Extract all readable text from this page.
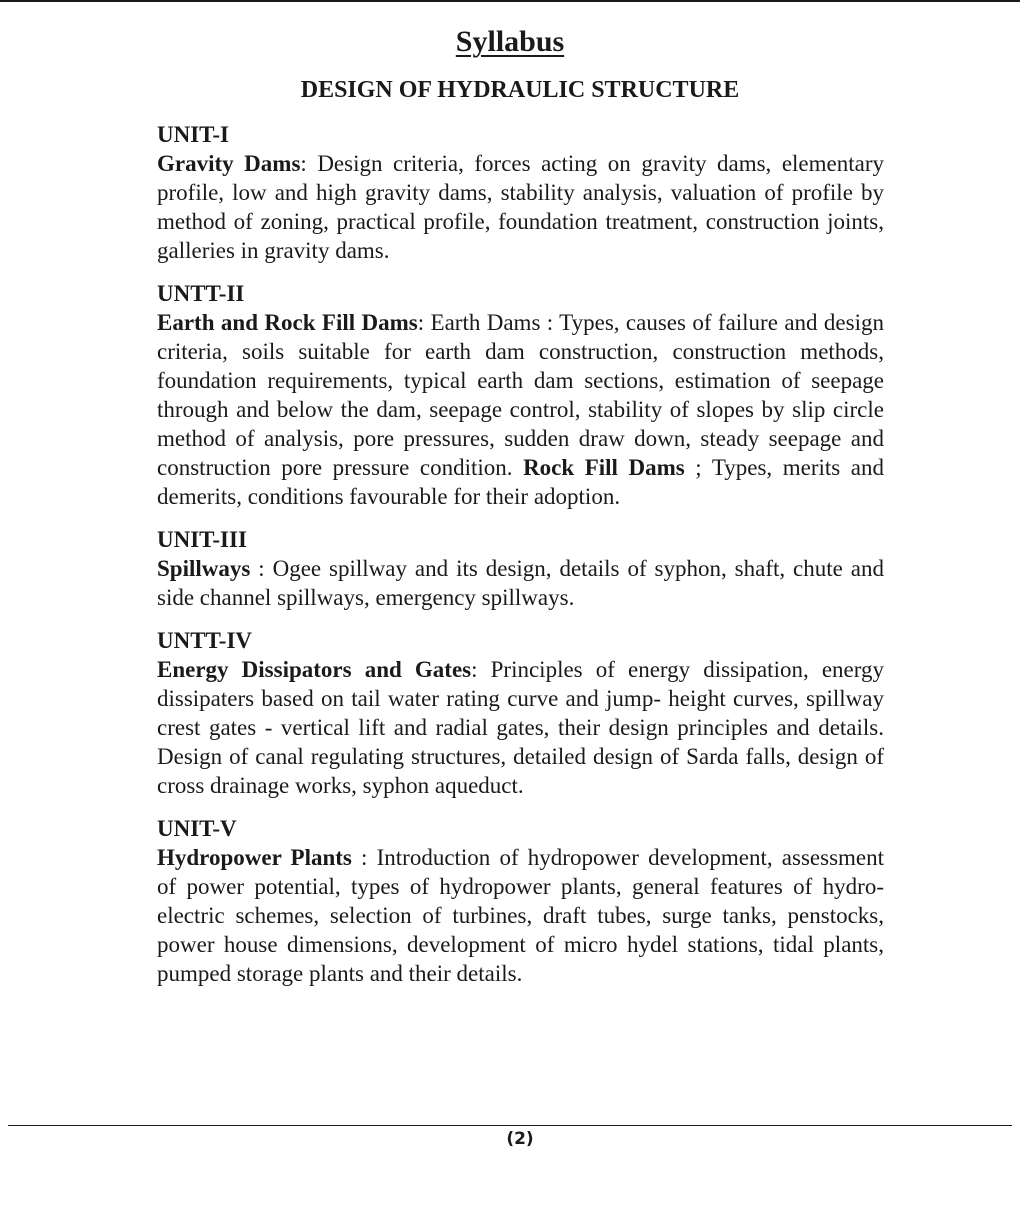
Syllabus
DESIGN OF HYDRAULIC STRUCTURE

UNIT-I

Gravity Dams: Design criteria, forces acting on gravity dams, elementary profile, low and high gravity dams, stability analysis, valuation of profile by method of zoning, practical profile, foundation treatment, construction joints, galleries in gravity dams.

UNTT-II

Earth and Rock Fill Dams: Earth Dams : Types, causes of failure and design criteria, soils suitable for earth dam construction, construction methods, foundation requirements, typical earth dam sections, estimation of seepage through and below the dam, seepage control, stability of slopes by slip circle method of analysis, pore pressures, sudden draw down, steady seepage and construction pore pressure condition. Rock Fill Dams ; Types, merits and demerits, conditions favourable for their adoption.

UNIT-III

Spillways : Ogee spillway and its design, details of syphon, shaft, chute and side channel spillways, emergency spillways.

UNTT-IV

Energy Dissipators and Gates: Principles of energy dissipation, energy dissipaters based on tail water rating curve and jump- height curves, spillway crest gates - vertical lift and radial gates, their design principles and details. Design of canal regulating structures, detailed design of Sarda falls, design of cross drainage works, syphon aqueduct.

UNIT-V

Hydropower Plants : Introduction of hydropower development, assessment of power potential, types of hydropower plants, general features of hydro-electric schemes, selection of turbines, draft tubes, surge tanks, penstocks, power house dimensions, development of micro hydel stations, tidal plants, pumped storage plants and their details.

(2)
